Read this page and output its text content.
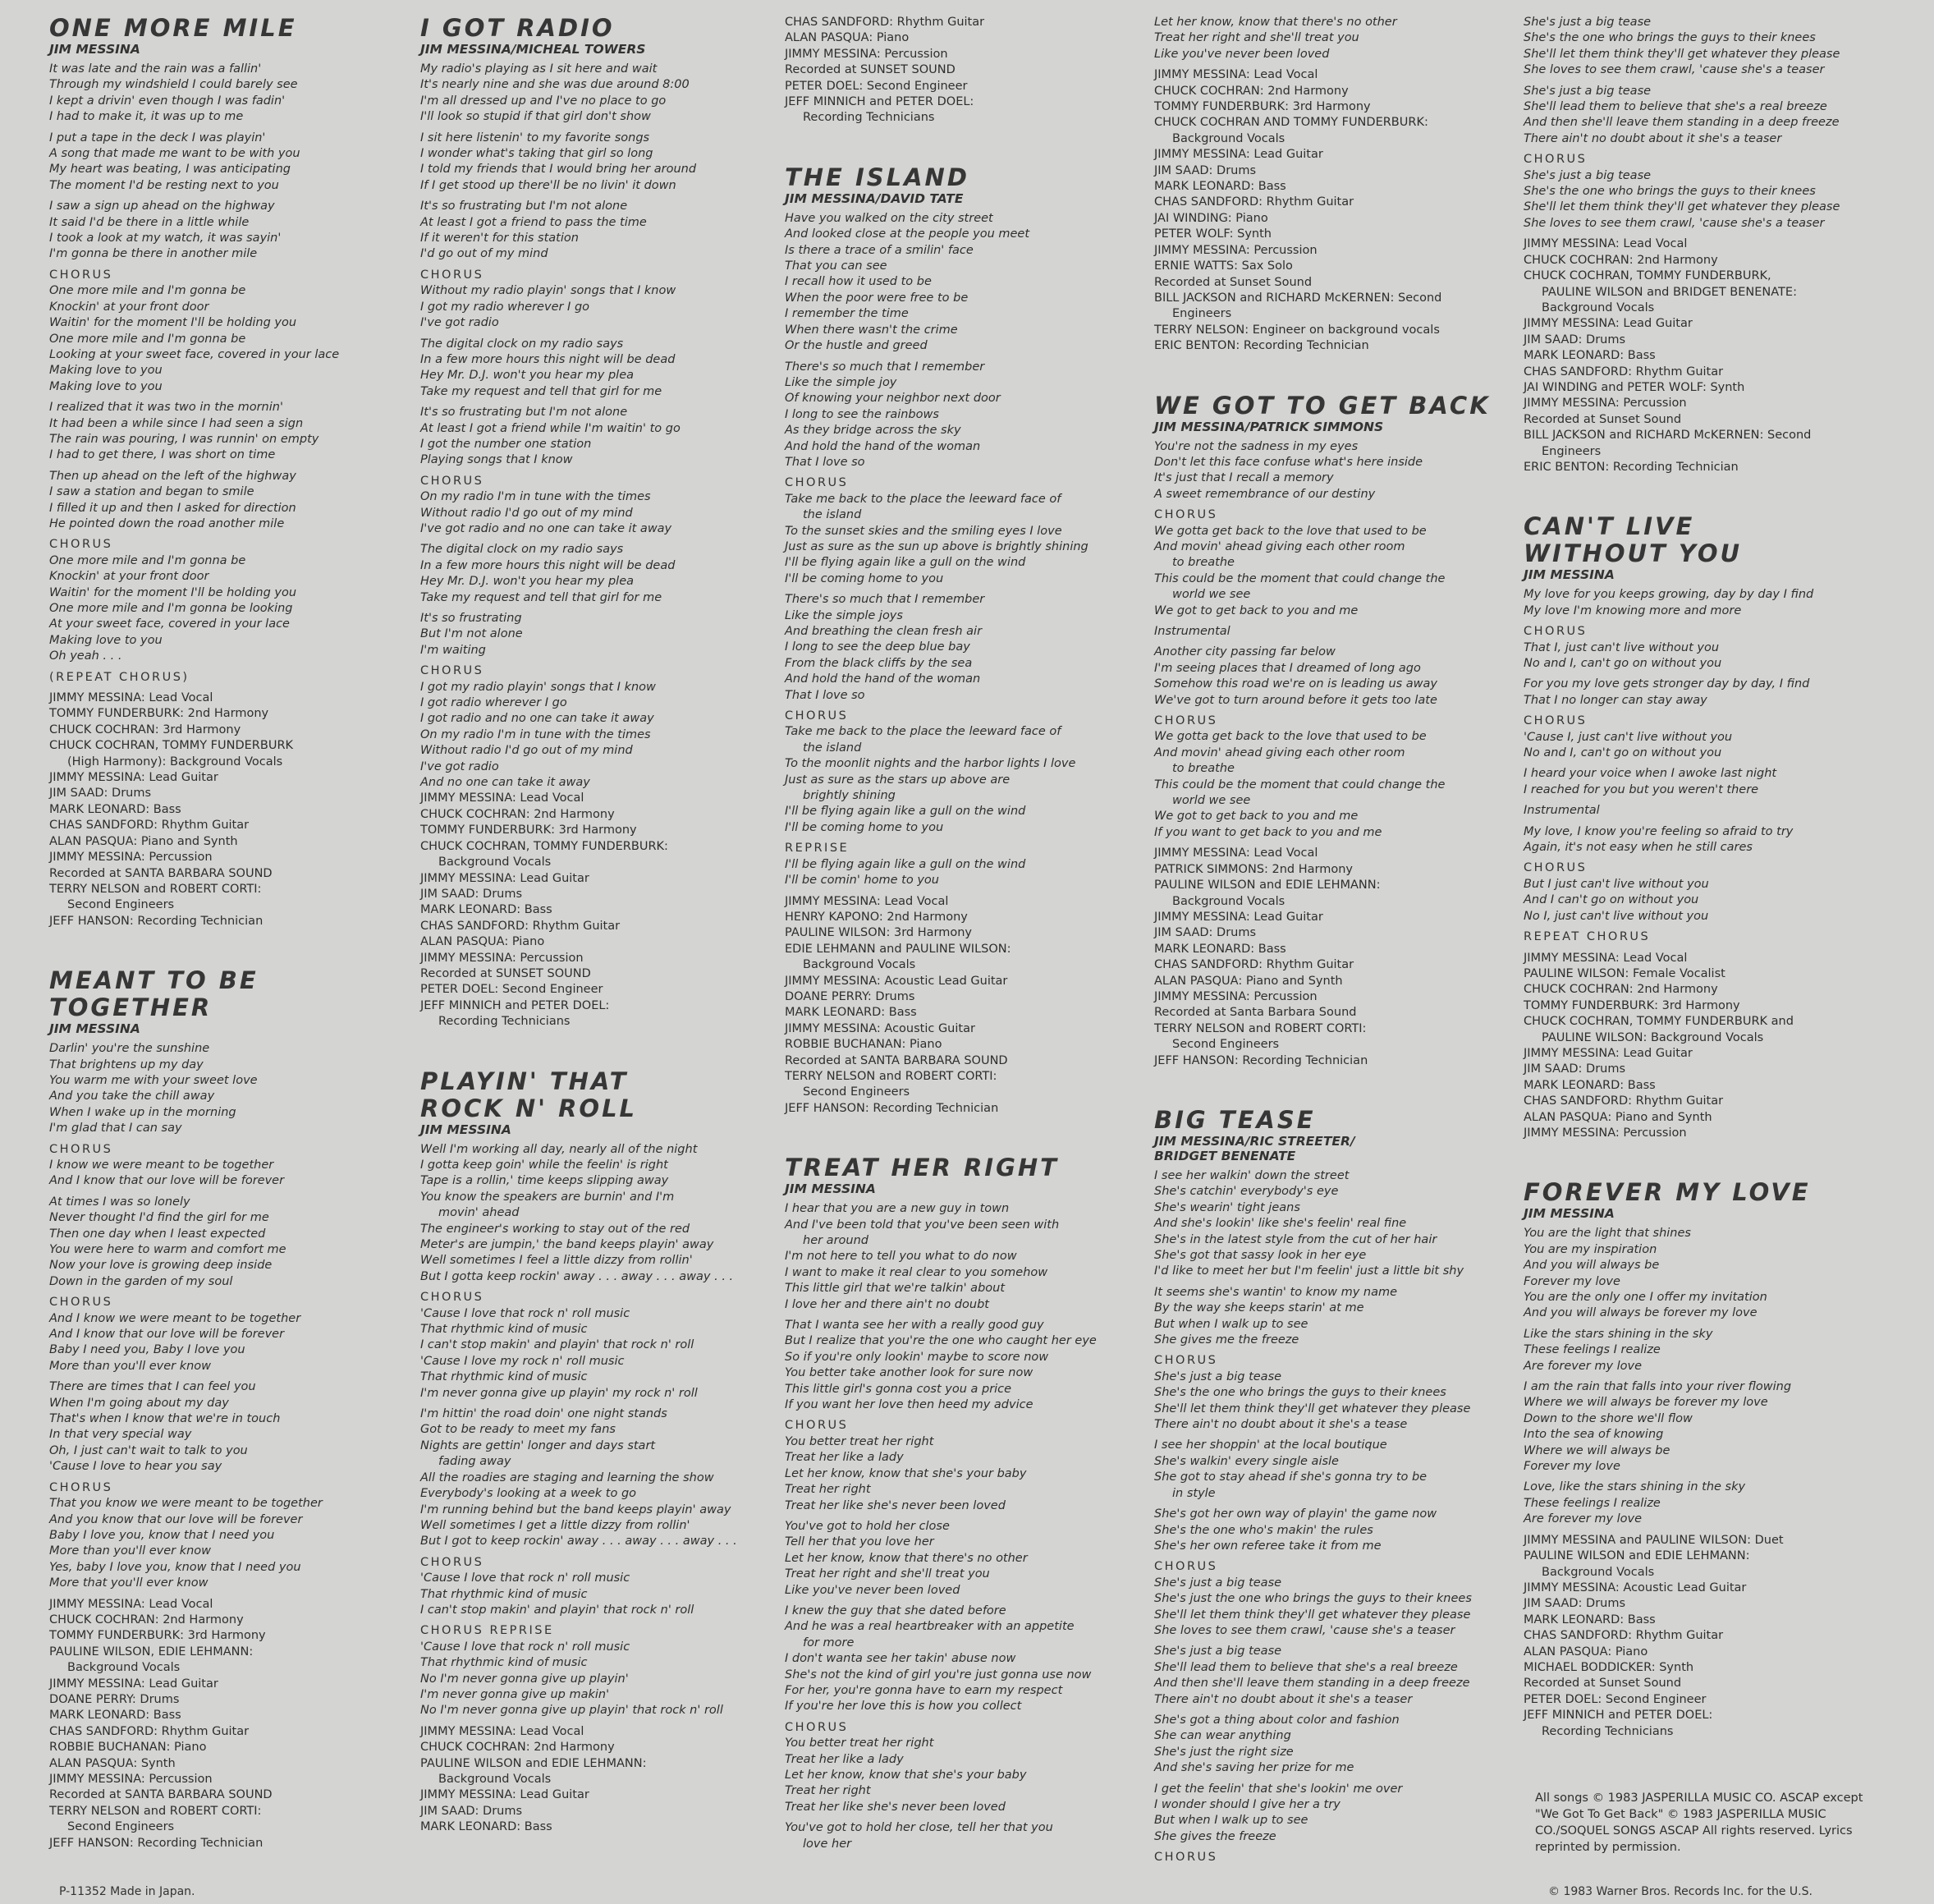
ONE MORE MILE
JIM MESSINA
It was late and the rain was a fallin'
Through my windshield I could barely see
I kept a drivin' even though I was fadin'
I had to make it, it was up to me
I put a tape in the deck I was playin'
A song that made me want to be with you
My heart was beating, I was anticipating
The moment I'd be resting next to you
I saw a sign up ahead on the highway
It said I'd be there in a little while
I took a look at my watch, it was sayin'
I'm gonna be there in another mile
CHORUS
One more mile and I'm gonna be
Knockin' at your front door
Waitin' for the moment I'll be holding you
One more mile and I'm gonna be
Looking at your sweet face, covered in your lace
Making love to you
Making love to you
I realized that it was two in the mornin'
It had been a while since I had seen a sign
The rain was pouring, I was runnin' on empty
I had to get there, I was short on time
Then up ahead on the left of the highway
I saw a station and began to smile
I filled it up and then I asked for direction
He pointed down the road another mile
CHORUS
One more mile and I'm gonna be
Knockin' at your front door
Waitin' for the moment I'll be holding you
One more mile and I'm gonna be looking
At your sweet face, covered in your lace
Making love to you
Oh yeah . . .
(REPEAT CHORUS)
JIMMY MESSINA: Lead Vocal
TOMMY FUNDERBURK: 2nd Harmony
CHUCK COCHRAN: 3rd Harmony
CHUCK COCHRAN, TOMMY FUNDERBURK
(High Harmony): Background Vocals
JIMMY MESSINA: Lead Guitar
JIM SAAD: Drums
MARK LEONARD: Bass
CHAS SANDFORD: Rhythm Guitar
ALAN PASQUA: Piano and Synth
JIMMY MESSINA: Percussion
Recorded at SANTA BARBARA SOUND
TERRY NELSON and ROBERT CORTI:
Second Engineers
JEFF HANSON: Recording Technician
MEANT TO BE
TOGETHER
JIM MESSINA
Darlin' you're the sunshine
That brightens up my day
You warm me with your sweet love
And you take the chill away
When I wake up in the morning
I'm glad that I can say
CHORUS
I know we were meant to be together
And I know that our love will be forever
At times I was so lonely
Never thought I'd find the girl for me
Then one day when I least expected
You were here to warm and comfort me
Now your love is growing deep inside
Down in the garden of my soul
CHORUS
And I know we were meant to be together
And I know that our love will be forever
Baby I need you, Baby I love you
More than you'll ever know
There are times that I can feel you
When I'm going about my day
That's when I know that we're in touch
In that very special way
Oh, I just can't wait to talk to you
'Cause I love to hear you say
CHORUS
That you know we were meant to be together
And you know that our love will be forever
Baby I love you, know that I need you
More than you'll ever know
Yes, baby I love you, know that I need you
More that you'll ever know
JIMMY MESSINA: Lead Vocal
CHUCK COCHRAN: 2nd Harmony
TOMMY FUNDERBURK: 3rd Harmony
PAULINE WILSON, EDIE LEHMANN:
Background Vocals
JIMMY MESSINA: Lead Guitar
DOANE PERRY: Drums
MARK LEONARD: Bass
CHAS SANDFORD: Rhythm Guitar
ROBBIE BUCHANAN: Piano
ALAN PASQUA: Synth
JIMMY MESSINA: Percussion
Recorded at SANTA BARBARA SOUND
TERRY NELSON and ROBERT CORTI:
Second Engineers
JEFF HANSON: Recording Technician
I GOT RADIO
JIM MESSINA/MICHEAL TOWERS
My radio's playing as I sit here and wait
It's nearly nine and she was due around 8:00
I'm all dressed up and I've no place to go
I'll look so stupid if that girl don't show
I sit here listenin' to my favorite songs
I wonder what's taking that girl so long
I told my friends that I would bring her around
If I get stood up there'll be no livin' it down
It's so frustrating but I'm not alone
At least I got a friend to pass the time
If it weren't for this station
I'd go out of my mind
CHORUS
Without my radio playin' songs that I know
I got my radio wherever I go
I've got radio
The digital clock on my radio says
In a few more hours this night will be dead
Hey Mr. D.J. won't you hear my plea
Take my request and tell that girl for me
It's so frustrating but I'm not alone
At least I got a friend while I'm waitin' to go
I got the number one station
Playing songs that I know
CHORUS
On my radio I'm in tune with the times
Without radio I'd go out of my mind
I've got radio and no one can take it away
The digital clock on my radio says
In a few more hours this night will be dead
Hey Mr. D.J. won't you hear my plea
Take my request and tell that girl for me
It's so frustrating
But I'm not alone
I'm waiting
CHORUS
I got my radio playin' songs that I know
I got radio wherever I go
I got radio and no one can take it away
On my radio I'm in tune with the times
Without radio I'd go out of my mind
I've got radio
And no one can take it away
JIMMY MESSINA: Lead Vocal
CHUCK COCHRAN: 2nd Harmony
TOMMY FUNDERBURK: 3rd Harmony
CHUCK COCHRAN, TOMMY FUNDERBURK:
Background Vocals
JIMMY MESSINA: Lead Guitar
JIM SAAD: Drums
MARK LEONARD: Bass
CHAS SANDFORD: Rhythm Guitar
ALAN PASQUA: Piano
JIMMY MESSINA: Percussion
Recorded at SUNSET SOUND
PETER DOEL: Second Engineer
JEFF MINNICH and PETER DOEL:
Recording Technicians
PLAYIN' THAT
ROCK N' ROLL
JIM MESSINA
Well I'm working all day, nearly all of the night
I gotta keep goin' while the feelin' is right
Tape is a rollin,' time keeps slipping away
You know the speakers are burnin' and I'm
movin' ahead
The engineer's working to stay out of the red
Meter's are jumpin,' the band keeps playin' away
Well sometimes I feel a little dizzy from rollin'
But I gotta keep rockin' away . . . away . . . away . . .
CHORUS
'Cause I love that rock n' roll music
That rhythmic kind of music
I can't stop makin' and playin' that rock n' roll
'Cause I love my rock n' roll music
That rhythmic kind of music
I'm never gonna give up playin' my rock n' roll
I'm hittin' the road doin' one night stands
Got to be ready to meet my fans
Nights are gettin' longer and days start
fading away
All the roadies are staging and learning the show
Everybody's looking at a week to go
I'm running behind but the band keeps playin' away
Well sometimes I get a little dizzy from rollin'
But I got to keep rockin' away . . . away . . . away . . .
CHORUS
'Cause I love that rock n' roll music
That rhythmic kind of music
I can't stop makin' and playin' that rock n' roll
CHORUS REPRISE
'Cause I love that rock n' roll music
That rhythmic kind of music
No I'm never gonna give up playin'
I'm never gonna give up makin'
No I'm never gonna give up playin' that rock n' roll
JIMMY MESSINA: Lead Vocal
CHUCK COCHRAN: 2nd Harmony
PAULINE WILSON and EDIE LEHMANN:
Background Vocals
JIMMY MESSINA: Lead Guitar
JIM SAAD: Drums
MARK LEONARD: Bass
CHAS SANDFORD: Rhythm Guitar
ALAN PASQUA: Piano
JIMMY MESSINA: Percussion
Recorded at SUNSET SOUND
PETER DOEL: Second Engineer
JEFF MINNICH and PETER DOEL:
Recording Technicians
THE ISLAND
JIM MESSINA/DAVID TATE
Have you walked on the city street
And looked close at the people you meet
Is there a trace of a smilin' face
That you can see
I recall how it used to be
When the poor were free to be
I remember the time
When there wasn't the crime
Or the hustle and greed
There's so much that I remember
Like the simple joy
Of knowing your neighbor next door
I long to see the rainbows
As they bridge across the sky
And hold the hand of the woman
That I love so
CHORUS
Take me back to the place the leeward face of
the island
To the sunset skies and the smiling eyes I love
Just as sure as the sun up above is brightly shining
I'll be flying again like a gull on the wind
I'll be coming home to you
There's so much that I remember
Like the simple joys
And breathing the clean fresh air
I long to see the deep blue bay
From the black cliffs by the sea
And hold the hand of the woman
That I love so
CHORUS
Take me back to the place the leeward face of
the island
To the moonlit nights and the harbor lights I love
Just as sure as the stars up above are
brightly shining
I'll be flying again like a gull on the wind
I'll be coming home to you
REPRISE
I'll be flying again like a gull on the wind
I'll be comin' home to you
JIMMY MESSINA: Lead Vocal
HENRY KAPONO: 2nd Harmony
PAULINE WILSON: 3rd Harmony
EDIE LEHMANN and PAULINE WILSON:
Background Vocals
JIMMY MESSINA: Acoustic Lead Guitar
DOANE PERRY: Drums
MARK LEONARD: Bass
JIMMY MESSINA: Acoustic Guitar
ROBBIE BUCHANAN: Piano
Recorded at SANTA BARBARA SOUND
TERRY NELSON and ROBERT CORTI:
Second Engineers
JEFF HANSON: Recording Technician
TREAT HER RIGHT
JIM MESSINA
I hear that you are a new guy in town
And I've been told that you've been seen with
her around
I'm not here to tell you what to do now
I want to make it real clear to you somehow
This little girl that we're talkin' about
I love her and there ain't no doubt
That I wanta see her with a really good guy
But I realize that you're the one who caught her eye
So if you're only lookin' maybe to score now
You better take another look for sure now
This little girl's gonna cost you a price
If you want her love then heed my advice
CHORUS
You better treat her right
Treat her like a lady
Let her know, know that she's your baby
Treat her right
Treat her like she's never been loved
You've got to hold her close
Tell her that you love her
Let her know, know that there's no other
Treat her right and she'll treat you
Like you've never been loved
I knew the guy that she dated before
And he was a real heartbreaker with an appetite
for more
I don't wanta see her takin' abuse now
She's not the kind of girl you're just gonna use now
For her, you're gonna have to earn my respect
If you're her love this is how you collect
CHORUS
You better treat her right
Treat her like a lady
Let her know, know that she's your baby
Treat her right
Treat her like she's never been loved
You've got to hold her close, tell her that you
love her
Let her know, know that there's no other
Treat her right and she'll treat you
Like you've never been loved
JIMMY MESSINA: Lead Vocal
CHUCK COCHRAN: 2nd Harmony
TOMMY FUNDERBURK: 3rd Harmony
CHUCK COCHRAN AND TOMMY FUNDERBURK:
Background Vocals
JIMMY MESSINA: Lead Guitar
JIM SAAD: Drums
MARK LEONARD: Bass
CHAS SANDFORD: Rhythm Guitar
JAI WINDING: Piano
PETER WOLF: Synth
JIMMY MESSINA: Percussion
ERNIE WATTS: Sax Solo
Recorded at Sunset Sound
BILL JACKSON and RICHARD McKERNEN: Second
Engineers
TERRY NELSON: Engineer on background vocals
ERIC BENTON: Recording Technician
WE GOT TO GET BACK
JIM MESSINA/PATRICK SIMMONS
You're not the sadness in my eyes
Don't let this face confuse what's here inside
It's just that I recall a memory
A sweet remembrance of our destiny
CHORUS
We gotta get back to the love that used to be
And movin' ahead giving each other room
to breathe
This could be the moment that could change the
world we see
We got to get back to you and me
Instrumental
Another city passing far below
I'm seeing places that I dreamed of long ago
Somehow this road we're on is leading us away
We've got to turn around before it gets too late
CHORUS
We gotta get back to the love that used to be
And movin' ahead giving each other room
to breathe
This could be the moment that could change the
world we see
We got to get back to you and me
If you want to get back to you and me
JIMMY MESSINA: Lead Vocal
PATRICK SIMMONS: 2nd Harmony
PAULINE WILSON and EDIE LEHMANN:
Background Vocals
JIMMY MESSINA: Lead Guitar
JIM SAAD: Drums
MARK LEONARD: Bass
CHAS SANDFORD: Rhythm Guitar
ALAN PASQUA: Piano and Synth
JIMMY MESSINA: Percussion
Recorded at Santa Barbara Sound
TERRY NELSON and ROBERT CORTI:
Second Engineers
JEFF HANSON: Recording Technician
BIG TEASE
JIM MESSINA/RIC STREETER/
BRIDGET BENENATE
I see her walkin' down the street
She's catchin' everybody's eye
She's wearin' tight jeans
And she's lookin' like she's feelin' real fine
She's in the latest style from the cut of her hair
She's got that sassy look in her eye
I'd like to meet her but I'm feelin' just a little bit shy
It seems she's wantin' to know my name
By the way she keeps starin' at me
But when I walk up to see
She gives me the freeze
CHORUS
She's just a big tease
She's the one who brings the guys to their knees
She'll let them think they'll get whatever they please
There ain't no doubt about it she's a tease
I see her shoppin' at the local boutique
She's walkin' every single aisle
She got to stay ahead if she's gonna try to be
in style
She's got her own way of playin' the game now
She's the one who's makin' the rules
She's her own referee take it from me
CHORUS
She's just a big tease
She's just the one who brings the guys to their knees
She'll let them think they'll get whatever they please
She loves to see them crawl, 'cause she's a teaser
She's just a big tease
She'll lead them to believe that she's a real breeze
And then she'll leave them standing in a deep freeze
There ain't no doubt about it she's a teaser
She's got a thing about color and fashion
She can wear anything
She's just the right size
And she's saving her prize for me
I get the feelin' that she's lookin' me over
I wonder should I give her a try
But when I walk up to see
She gives the freeze
CHORUS
She's just a big tease
She's the one who brings the guys to their knees
She'll let them think they'll get whatever they please
She loves to see them crawl, 'cause she's a teaser
She's just a big tease
She'll lead them to believe that she's a real breeze
And then she'll leave them standing in a deep freeze
There ain't no doubt about it she's a teaser
CHORUS
She's just a big tease
She's the one who brings the guys to their knees
She'll let them think they'll get whatever they please
She loves to see them crawl, 'cause she's a teaser
JIMMY MESSINA: Lead Vocal
CHUCK COCHRAN: 2nd Harmony
CHUCK COCHRAN, TOMMY FUNDERBURK,
PAULINE WILSON and BRIDGET BENENATE:
Background Vocals
JIMMY MESSINA: Lead Guitar
JIM SAAD: Drums
MARK LEONARD: Bass
CHAS SANDFORD: Rhythm Guitar
JAI WINDING and PETER WOLF: Synth
JIMMY MESSINA: Percussion
Recorded at Sunset Sound
BILL JACKSON and RICHARD McKERNEN: Second
Engineers
ERIC BENTON: Recording Technician
CAN'T LIVE
WITHOUT YOU
JIM MESSINA
My love for you keeps growing, day by day I find
My love I'm knowing more and more
CHORUS
That I, just can't live without you
No and I, can't go on without you
For you my love gets stronger day by day, I find
That I no longer can stay away
CHORUS
'Cause I, just can't live without you
No and I, can't go on without you
I heard your voice when I awoke last night
I reached for you but you weren't there
Instrumental
My love, I know you're feeling so afraid to try
Again, it's not easy when he still cares
CHORUS
But I just can't live without you
And I can't go on without you
No I, just can't live without you
REPEAT CHORUS
JIMMY MESSINA: Lead Vocal
PAULINE WILSON: Female Vocalist
CHUCK COCHRAN: 2nd Harmony
TOMMY FUNDERBURK: 3rd Harmony
CHUCK COCHRAN, TOMMY FUNDERBURK and
PAULINE WILSON: Background Vocals
JIMMY MESSINA: Lead Guitar
JIM SAAD: Drums
MARK LEONARD: Bass
CHAS SANDFORD: Rhythm Guitar
ALAN PASQUA: Piano and Synth
JIMMY MESSINA: Percussion
FOREVER MY LOVE
JIM MESSINA
You are the light that shines
You are my inspiration
And you will always be
Forever my love
You are the only one I offer my invitation
And you will always be forever my love
Like the stars shining in the sky
These feelings I realize
Are forever my love
I am the rain that falls into your river flowing
Where we will always be forever my love
Down to the shore we'll flow
Into the sea of knowing
Where we will always be
Forever my love
Love, like the stars shining in the sky
These feelings I realize
Are forever my love
JIMMY MESSINA and PAULINE WILSON: Duet
PAULINE WILSON and EDIE LEHMANN:
Background Vocals
JIMMY MESSINA: Acoustic Lead Guitar
JIM SAAD: Drums
MARK LEONARD: Bass
CHAS SANDFORD: Rhythm Guitar
ALAN PASQUA: Piano
MICHAEL BODDICKER: Synth
Recorded at Sunset Sound
PETER DOEL: Second Engineer
JEFF MINNICH and PETER DOEL:
Recording Technicians
All songs © 1983 JASPERILLA MUSIC CO. ASCAP except "We Got To Get Back" © 1983 JASPERILLA MUSIC CO./SOQUEL SONGS ASCAP All rights reserved. Lyrics reprinted by permission.
P-11352 Made in Japan.	© 1983 Warner Bros. Records Inc. for the U.S.
